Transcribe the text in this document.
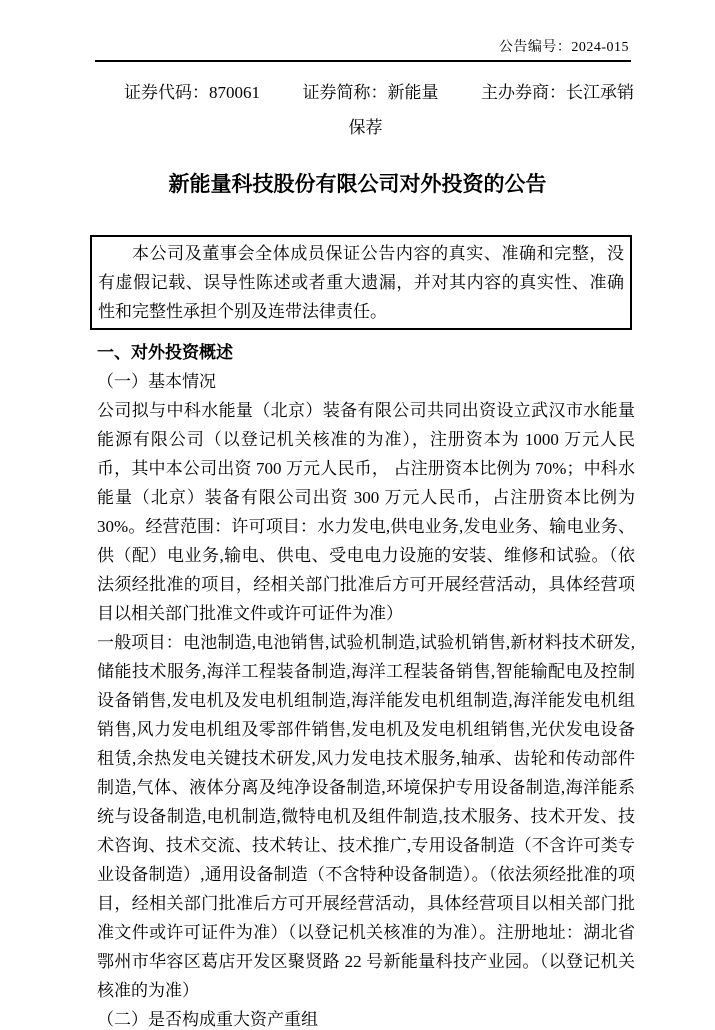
公告编号：2024-015
证券代码：870061	证券简称：新能量	主办券商：长江承销
保荐
新能量科技股份有限公司对外投资的公告

本公司及董事会全体成员保证公告内容的真实、准确和完整，没有虚假记载、误导性陈述或者重大遗漏，并对其内容的真实性、准确性和完整性承担个别及连带法律责任。

一、对外投资概述
（一）基本情况

公司拟与中科水能量（北京）装备有限公司共同出资设立武汉市水能量能源有限公司（以登记机关核准的为准），注册资本为 1000 万元人民币，其中本公司出资 700 万元人民币， 占注册资本比例为 70%；中科水能量（北京）装备有限公司出资 300 万元人民币，占注册资本比例为 30%。经营范围：许可项目：水力发电,供电业务,发电业务、输电业务、供（配）电业务,输电、供电、受电电力设施的安装、维修和试验。（依法须经批准的项目，经相关部门批准后方可开展经营活动，具体经营项目以相关部门批准文件或许可证件为准）

一般项目：电池制造,电池销售,试验机制造,试验机销售,新材料技术研发,储能技术服务,海洋工程装备制造,海洋工程装备销售,智能输配电及控制设备销售,发电机及发电机组制造,海洋能发电机组制造,海洋能发电机组销售,风力发电机组及零部件销售,发电机及发电机组销售,光伏发电设备租赁,余热发电关键技术研发,风力发电技术服务,轴承、齿轮和传动部件制造,气体、液体分离及纯净设备制造,环境保护专用设备制造,海洋能系统与设备制造,电机制造,微特电机及组件制造,技术服务、技术开发、技术咨询、技术交流、技术转让、技术推广,专用设备制造（不含许可类专业设备制造）,通用设备制造（不含特种设备制造）。（依法须经批准的项目，经相关部门批准后方可开展经营活动，具体经营项目以相关部门批准文件或许可证件为准）（以登记机关核准的为准）。注册地址：湖北省鄂州市华容区葛店开发区聚贤路 22 号新能量科技产业园。（以登记机关核准的为准）

（二）是否构成重大资产重组
